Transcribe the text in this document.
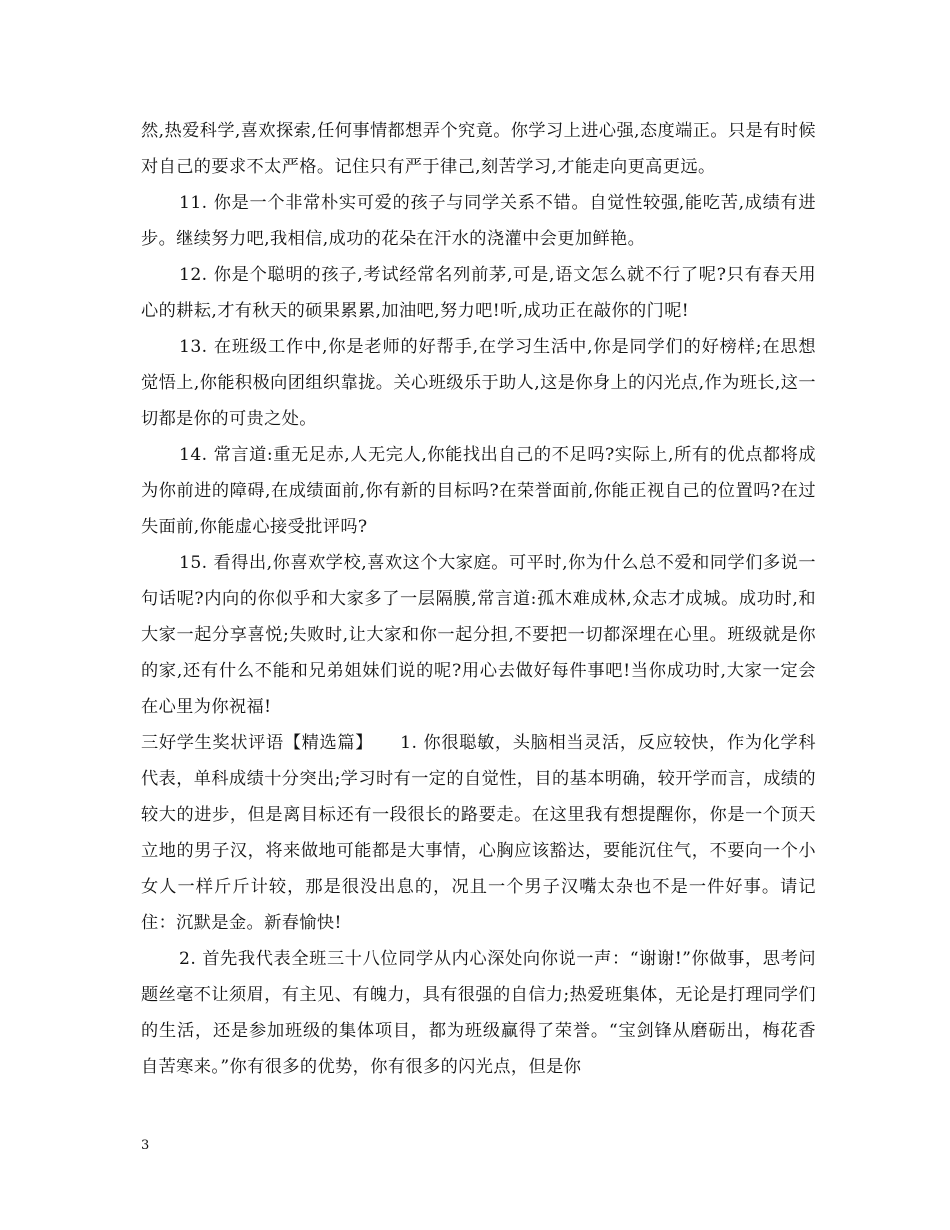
然,热爱科学,喜欢探索,任何事情都想弄个究竟。你学习上进心强,态度端正。只是有时候对自己的要求不太严格。记住只有严于律己,刻苦学习,才能走向更高更远。

11. 你是一个非常朴实可爱的孩子与同学关系不错。自觉性较强,能吃苦,成绩有进步。继续努力吧,我相信,成功的花朵在汗水的浇灌中会更加鲜艳。

12. 你是个聪明的孩子,考试经常名列前茅,可是,语文怎么就不行了呢?只有春天用心的耕耘,才有秋天的硕果累累,加油吧,努力吧!听,成功正在敲你的门呢!

13. 在班级工作中,你是老师的好帮手,在学习生活中,你是同学们的好榜样;在思想觉悟上,你能积极向团组织靠拢。关心班级乐于助人,这是你身上的闪光点,作为班长,这一切都是你的可贵之处。

14. 常言道:重无足赤,人无完人,你能找出自己的不足吗?实际上,所有的优点都将成为你前进的障碍,在成绩面前,你有新的目标吗?在荣誉面前,你能正视自己的位置吗?在过失面前,你能虚心接受批评吗?

15. 看得出,你喜欢学校,喜欢这个大家庭。可平时,你为什么总不爱和同学们多说一句话呢?内向的你似乎和大家多了一层隔膜,常言道:孤木难成林,众志才成城。成功时,和大家一起分享喜悦;失败时,让大家和你一起分担,不要把一切都深埋在心里。班级就是你的家,还有什么不能和兄弟姐妹们说的呢?用心去做好每件事吧!当你成功时,大家一定会在心里为你祝福!

三好学生奖状评语【精选篇】　　1. 你很聪敏，头脑相当灵活，反应较快，作为化学科代表，单科成绩十分突出;学习时有一定的自觉性，目的基本明确，较开学而言，成绩的较大的进步，但是离目标还有一段很长的路要走。在这里我有想提醒你，你是一个顶天立地的男子汉，将来做地可能都是大事情，心胸应该豁达，要能沉住气，不要向一个小女人一样斤斤计较，那是很没出息的，况且一个男子汉嘴太杂也不是一件好事。请记住：沉默是金。新春愉快!

2. 首先我代表全班三十八位同学从内心深处向你说一声：“谢谢!”你做事，思考问题丝毫不让须眉，有主见、有魄力，具有很强的自信力;热爱班集体，无论是打理同学们的生活，还是参加班级的集体项目，都为班级赢得了荣誉。“宝剑锋从磨砺出，梅花香自苦寒来。”你有很多的优势，你有很多的闪光点，但是你

3
